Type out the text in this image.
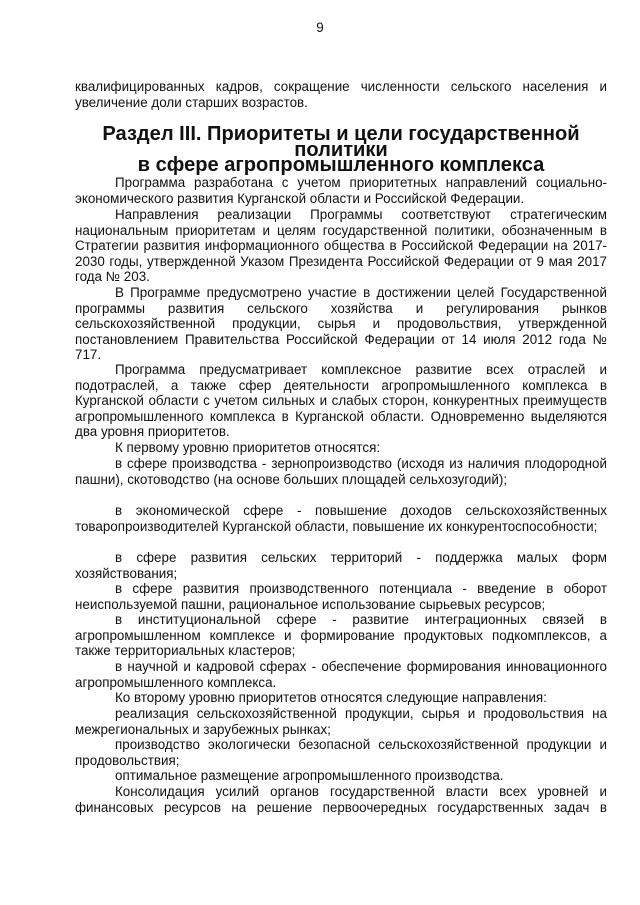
9

квалифицированных кадров, сокращение численности сельского населения и увеличение доли старших возрастов.

Раздел III. Приоритеты и цели государственной политики
в сфере агропромышленного комплекса

Программа разработана с учетом приоритетных направлений социально-экономического развития Курганской области и Российской Федерации.

Направления реализации Программы соответствуют стратегическим национальным приоритетам и целям государственной политики, обозначенным в Стратегии развития информационного общества в Российской Федерации на 2017-2030 годы, утвержденной Указом Президента Российской Федерации от 9 мая 2017 года № 203.

В Программе предусмотрено участие в достижении целей Государственной программы развития сельского хозяйства и регулирования рынков сельскохозяйственной продукции, сырья и продовольствия, утвержденной постановлением Правительства Российской Федерации от 14 июля 2012 года № 717.

Программа предусматривает комплексное развитие всех отраслей и подотраслей, а также сфер деятельности агропромышленного комплекса в Курганской области с учетом сильных и слабых сторон, конкурентных преимуществ агропромышленного комплекса в Курганской области. Одновременно выделяются два уровня приоритетов.

К первому уровню приоритетов относятся:

в сфере производства - зернопроизводство (исходя из наличия плодородной пашни), скотоводство (на основе больших площадей сельхозугодий);

в экономической сфере - повышение доходов сельскохозяйственных товаропроизводителей Курганской области, повышение их конкурентоспособности;

в сфере развития сельских территорий - поддержка малых форм хозяйствования;

в сфере развития производственного потенциала - введение в оборот неиспользуемой пашни, рациональное использование сырьевых ресурсов;

в институциональной сфере - развитие интеграционных связей в агропромышленном комплексе и формирование продуктовых подкомплексов, а также территориальных кластеров;

в научной и кадровой сферах - обеспечение формирования инновационного агропромышленного комплекса.

Ко второму уровню приоритетов относятся следующие направления:

реализация сельскохозяйственной продукции, сырья и продовольствия на межрегиональных и зарубежных рынках;

производство экологически безопасной сельскохозяйственной продукции и продовольствия;

оптимальное размещение агропромышленного производства.

Консолидация усилий органов государственной власти всех уровней и финансовых ресурсов на решение первоочередных государственных задач в
